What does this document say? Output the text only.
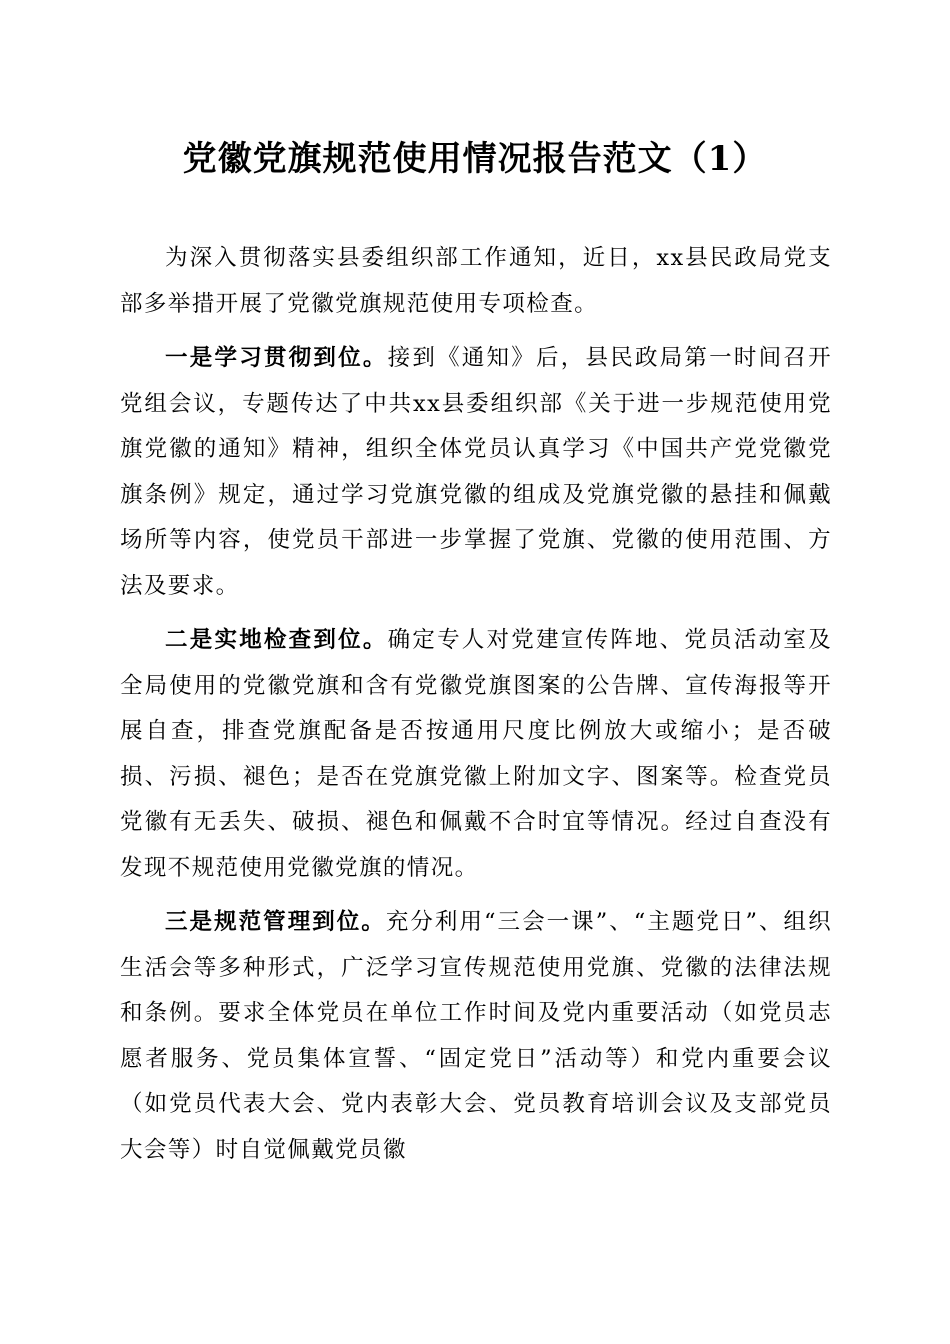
党徽党旗规范使用情况报告范文（1）

为深入贯彻落实县委组织部工作通知，近日，xx县民政局党支部多举措开展了党徽党旗规范使用专项检查。

一是学习贯彻到位。接到《通知》后，县民政局第一时间召开党组会议，专题传达了中共xx县委组织部《关于进一步规范使用党旗党徽的通知》精神，组织全体党员认真学习《中国共产党党徽党旗条例》规定，通过学习党旗党徽的组成及党旗党徽的悬挂和佩戴场所等内容，使党员干部进一步掌握了党旗、党徽的使用范围、方法及要求。

二是实地检查到位。确定专人对党建宣传阵地、党员活动室及全局使用的党徽党旗和含有党徽党旗图案的公告牌、宣传海报等开展自查，排查党旗配备是否按通用尺度比例放大或缩小；是否破损、污损、褪色；是否在党旗党徽上附加文字、图案等。检查党员党徽有无丢失、破损、褪色和佩戴不合时宜等情况。经过自查没有发现不规范使用党徽党旗的情况。

三是规范管理到位。充分利用“三会一课”、“主题党日”、组织生活会等多种形式，广泛学习宣传规范使用党旗、党徽的法律法规和条例。要求全体党员在单位工作时间及党内重要活动（如党员志愿者服务、党员集体宣誓、“固定党日”活动等）和党内重要会议（如党员代表大会、党内表彰大会、党员教育培训会议及支部党员大会等）时自觉佩戴党员徽
